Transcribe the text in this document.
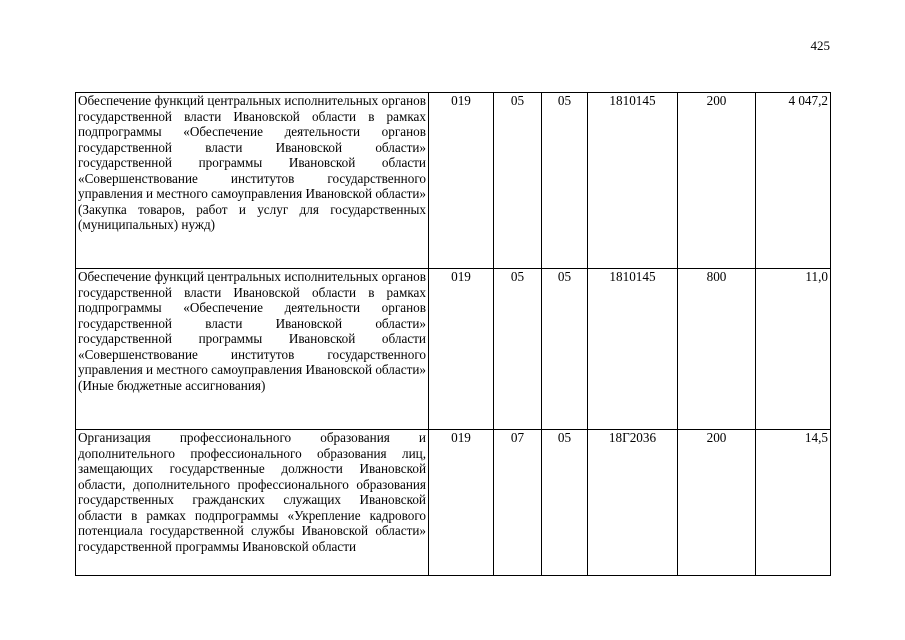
425
Обеспечение функций центральных исполнительных органов государственной власти Ивановской области в рамках подпрограммы «Обеспечение деятельности органов государственной власти Ивановской области» государственной программы Ивановской области «Совершенствование институтов государственного управления и местного самоуправления Ивановской области» (Закупка товаров, работ и услуг для государственных (муниципальных) нужд)	019	05	05	1810145	200	4 047,2
Обеспечение функций центральных исполнительных органов государственной власти Ивановской области в рамках подпрограммы «Обеспечение деятельности органов государственной власти Ивановской области» государственной программы Ивановской области «Совершенствование институтов государственного управления и местного самоуправления Ивановской области» (Иные бюджетные ассигнования)	019	05	05	1810145	800	11,0
Организация профессионального образования и дополнительного профессионального образования лиц, замещающих государственные должности Ивановской области, дополнительного профессионального образования государственных гражданских служащих Ивановской области в рамках подпрограммы «Укрепление кадрового потенциала государственной службы Ивановской области» государственной программы Ивановской области	019	07	05	18Г2036	200	14,5
